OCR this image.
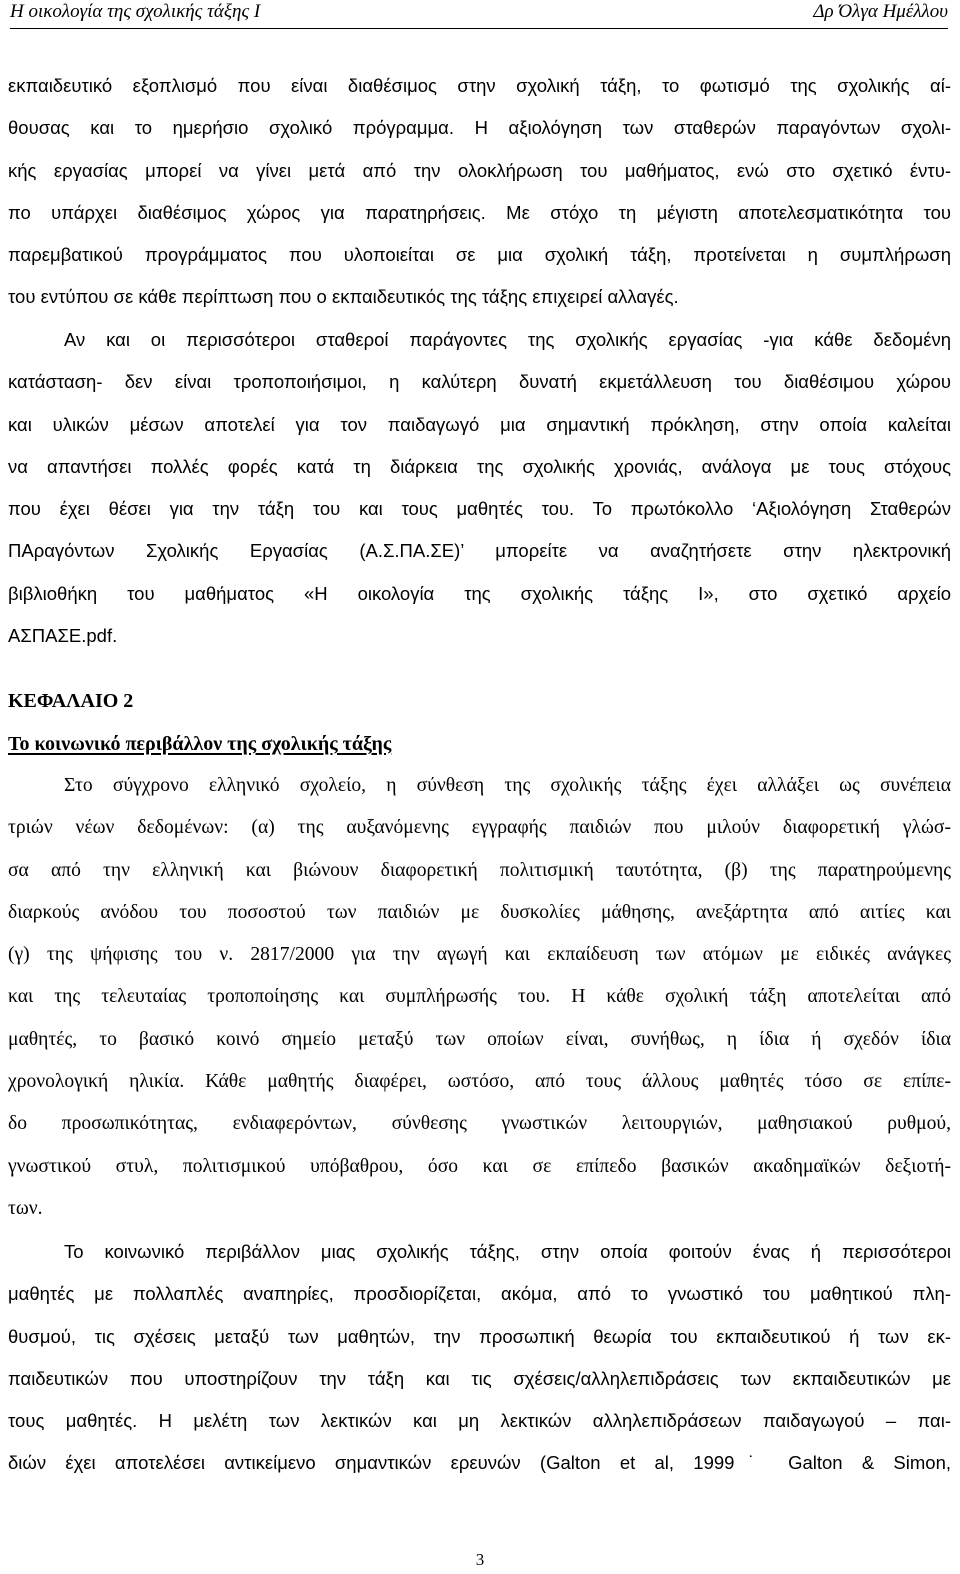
Η οικολογία της σχολικής τάξης Ι	Δρ Όλγα Ημέλλου
εκπαιδευτικό εξοπλισμό που είναι διαθέσιμος στην σχολική τάξη, το φωτισμό της σχολικής αί-
θουσας και το ημερήσιο σχολικό πρόγραμμα. Η αξιολόγηση των σταθερών παραγόντων σχολι-
κής εργασίας μπορεί να γίνει μετά από την ολοκλήρωση του μαθήματος, ενώ στο σχετικό έντυ-
πο υπάρχει διαθέσιμος χώρος για παρατηρήσεις. Με στόχο τη μέγιστη αποτελεσματικότητα του
παρεμβατικού προγράμματος που υλοποιείται σε μια σχολική τάξη, προτείνεται η συμπλήρωση
του εντύπου σε κάθε περίπτωση που ο εκπαιδευτικός της τάξης επιχειρεί αλλαγές.
Αν και οι περισσότεροι σταθεροί παράγοντες της σχολικής εργασίας -για κάθε δεδομένη
κατάσταση- δεν είναι τροποποιήσιμοι, η καλύτερη δυνατή εκμετάλλευση του διαθέσιμου χώρου
και υλικών μέσων αποτελεί για τον παιδαγωγό μια σημαντική πρόκληση, στην οποία καλείται
να απαντήσει πολλές φορές κατά τη διάρκεια της σχολικής χρονιάς, ανάλογα με τους στόχους
που έχει θέσει για την τάξη του και τους μαθητές του. Το πρωτόκολλο ‘Αξιολόγηση Σταθερών
ΠΑραγόντων Σχολικής Εργασίας (Α.Σ.ΠΑ.ΣΕ)’ μπορείτε να αναζητήσετε στην ηλεκτρονική
βιβλιοθήκη του μαθήματος «Η οικολογία της σχολικής τάξης Ι», στο σχετικό αρχείο
ΑΣΠΑΣΕ.pdf.
ΚΕΦΑΛΑΙΟ 2
Το κοινωνικό περιβάλλον της σχολικής τάξης
Στο σύγχρονο ελληνικό σχολείο, η σύνθεση της σχολικής τάξης έχει αλλάξει ως συνέπεια
τριών νέων δεδομένων: (α) της αυξανόμενης εγγραφής παιδιών που μιλούν διαφορετική γλώσ-
σα από την ελληνική και βιώνουν διαφορετική πολιτισμική ταυτότητα, (β) της παρατηρούμενης
διαρκούς ανόδου του ποσοστού των παιδιών με δυσκολίες μάθησης, ανεξάρτητα από αιτίες και
(γ) της ψήφισης του ν. 2817/2000 για την αγωγή και εκπαίδευση των ατόμων με ειδικές ανάγκες
και της τελευταίας τροποποίησης και συμπλήρωσής του. Η κάθε σχολική τάξη αποτελείται από
μαθητές, το βασικό κοινό σημείο μεταξύ των οποίων είναι, συνήθως, η ίδια ή σχεδόν ίδια
χρονολογική ηλικία. Κάθε μαθητής διαφέρει, ωστόσο, από τους άλλους μαθητές τόσο σε επίπε-
δο προσωπικότητας, ενδιαφερόντων, σύνθεσης γνωστικών λειτουργιών, μαθησιακού ρυθμού,
γνωστικού στυλ, πολιτισμικού υπόβαθρου, όσο και σε επίπεδο βασικών ακαδημαϊκών δεξιοτή-
των.
Το κοινωνικό περιβάλλον μιας σχολικής τάξης, στην οποία φοιτούν ένας ή περισσότεροι
μαθητές με πολλαπλές αναπηρίες, προσδιορίζεται, ακόμα, από το γνωστικό του μαθητικού πλη-
θυσμού, τις σχέσεις μεταξύ των μαθητών, την προσωπική θεωρία του εκπαιδευτικού ή των εκ-
παιδευτικών που υποστηρίζουν την τάξη και τις σχέσεις/αλληλεπιδράσεις των εκπαιδευτικών με
τους μαθητές. Η μελέτη των λεκτικών και μη λεκτικών αλληλεπιδράσεων παιδαγωγού – παι-
διών έχει αποτελέσει αντικείμενο σημαντικών ερευνών (Galton et al, 1999˙ Galton & Simon,
3
